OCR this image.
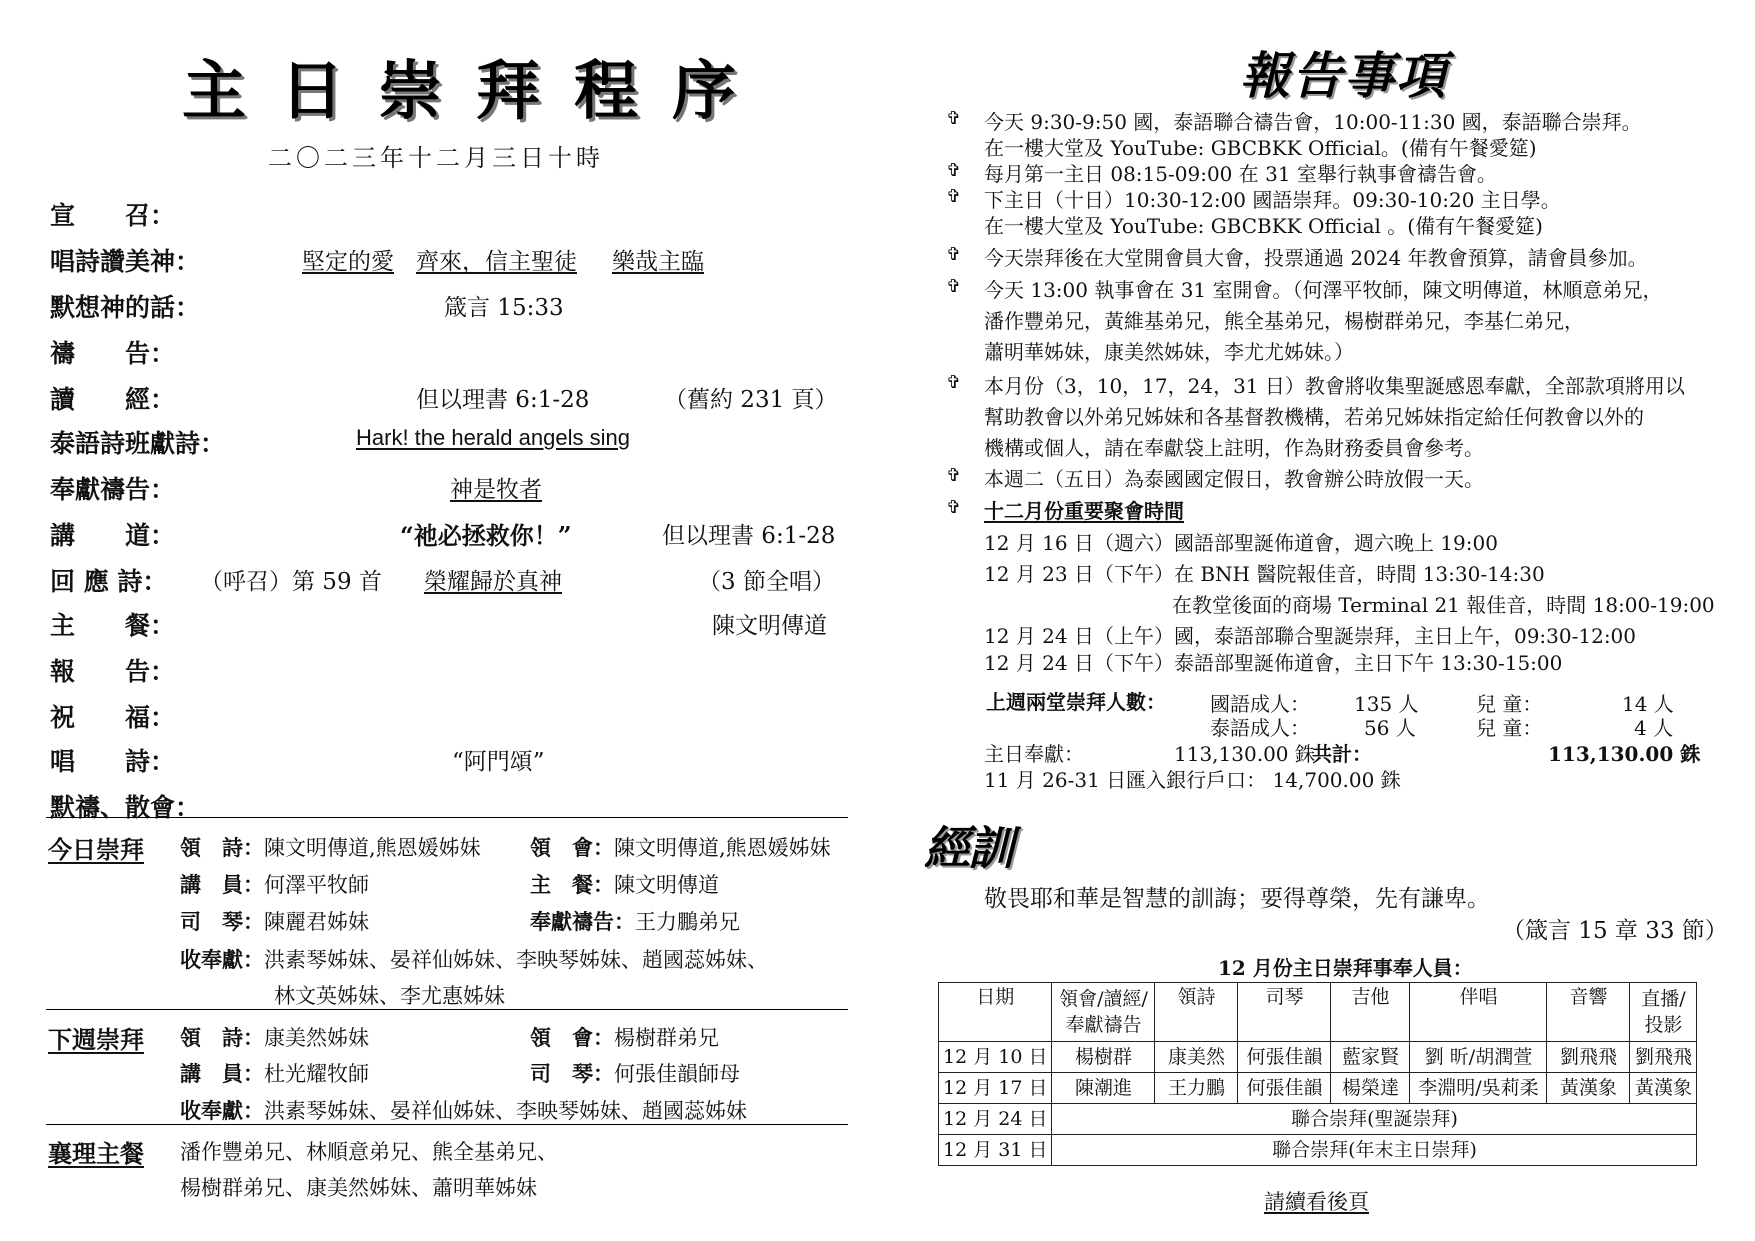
主日崇拜程序
二〇二三年十二月三日十時
宣　　召：
唱詩讚美神：	堅定的愛 齊來，信主聖徒 樂哉主臨
默想神的話：	箴言 15:33
禱　　告：
讀　　經：	但以理書 6:1-28	（舊約 231 頁）
泰語詩班獻詩：	Hark! the herald angels sing
奉獻禱告：	神是牧者
講　　道：	“祂必拯救你！”	但以理書 6:1-28
回 應 詩： （呼召）第 59 首 榮耀歸於真神	（3 節全唱）
主　　餐：	陳文明傳道
報　　告：
祝　　福：
唱　　詩：	“阿門頌”
默禱、散會：
今日崇拜 領　詩：陳文明傳道,熊恩媛姊妹 領　會：陳文明傳道,熊恩媛姊妹
講　員：何澤平牧師	主　餐：陳文明傳道
司　琴：陳麗君姊妹	奉獻禱告：王力鵬弟兄
收奉獻：洪素琴姊妹、晏祥仙姊妹、李映琴姊妹、趙國蕊姊妹、
林文英姊妹、李尤惠姊妹
下週崇拜 領　詩：康美然姊妹	領　會：楊樹群弟兄
講　員：杜光耀牧師	司　琴：何張佳韻師母
收奉獻：洪素琴姊妹、晏祥仙姊妹、李映琴姊妹、趙國蕊姊妹
襄理主餐 潘作豐弟兄、林順意弟兄、熊全基弟兄、
楊樹群弟兄、康美然姊妹、蕭明華姊妹
報告事項
✞ 今天 9:30-9:50 國，泰語聯合禱告會，10:00-11:30 國，泰語聯合崇拜。
在一樓大堂及 YouTube: GBCBKK Official。(備有午餐愛筵)
✞ 每月第一主日 08:15-09:00 在 31 室舉行執事會禱告會。
✞ 下主日（十日）10:30-12:00 國語崇拜。09:30-10:20 主日學。
在一樓大堂及 YouTube: GBCBKK Official 。(備有午餐愛筵)
✞ 今天崇拜後在大堂開會員大會，投票通過 2024 年教會預算，請會員參加。
✞ 今天 13:00 執事會在 31 室開會。（何澤平牧師，陳文明傳道，林順意弟兄，
潘作豐弟兄，黃維基弟兄，熊全基弟兄，楊樹群弟兄，李基仁弟兄，
蕭明華姊妹，康美然姊妹，李尤尤姊妹。）
✞ 本月份（3，10，17，24，31 日）教會將收集聖誕感恩奉獻，全部款項將用以
幫助教會以外弟兄姊妹和各基督教機構，若弟兄姊妹指定給任何教會以外的
機構或個人，請在奉獻袋上註明，作為財務委員會參考。
✞ 本週二（五日）為泰國國定假日，教會辦公時放假一天。
✞ 十二月份重要聚會時間
12 月 16 日（週六）國語部聖誕佈道會，週六晚上 19:00
12 月 23 日（下午）在 BNH 醫院報佳音，時間 13:30-14:30
在教堂後面的商場 Terminal 21 報佳音，時間 18:00-19:00
12 月 24 日（上午）國，泰語部聯合聖誕崇拜，主日上午，09:30-12:00
12 月 24 日（下午）泰語部聖誕佈道會，主日下午 13:30-15:00
上週兩堂崇拜人數： 國語成人： 135 人	兒 童：	14 人
泰語成人：	56 人	兒 童：	4 人
主日奉獻：	113,130.00 銖
共計：	113,130.00 銖
11 月 26-31 日匯入銀行戶口： 14,700.00 銖
經訓
敬畏耶和華是智慧的訓誨；要得尊榮，先有謙卑。
（箴言 15 章 33 節）
12 月份主日崇拜事奉人員：
日期	領會/讀經/奉獻禱告	領詩	司琴	吉他	伴唱	音響	直播/投影
12 月 10 日	楊樹群	康美然	何張佳韻	藍家賢	劉 昕/胡潤萱	劉飛飛	劉飛飛
12 月 17 日	陳潮進	王力鵬	何張佳韻	楊榮達	李淵明/吳莉柔	黃漢象	黃漢象
12 月 24 日	聯合崇拜(聖誕崇拜)						
12 月 31 日	聯合崇拜(年末主日崇拜)						
請續看後頁
